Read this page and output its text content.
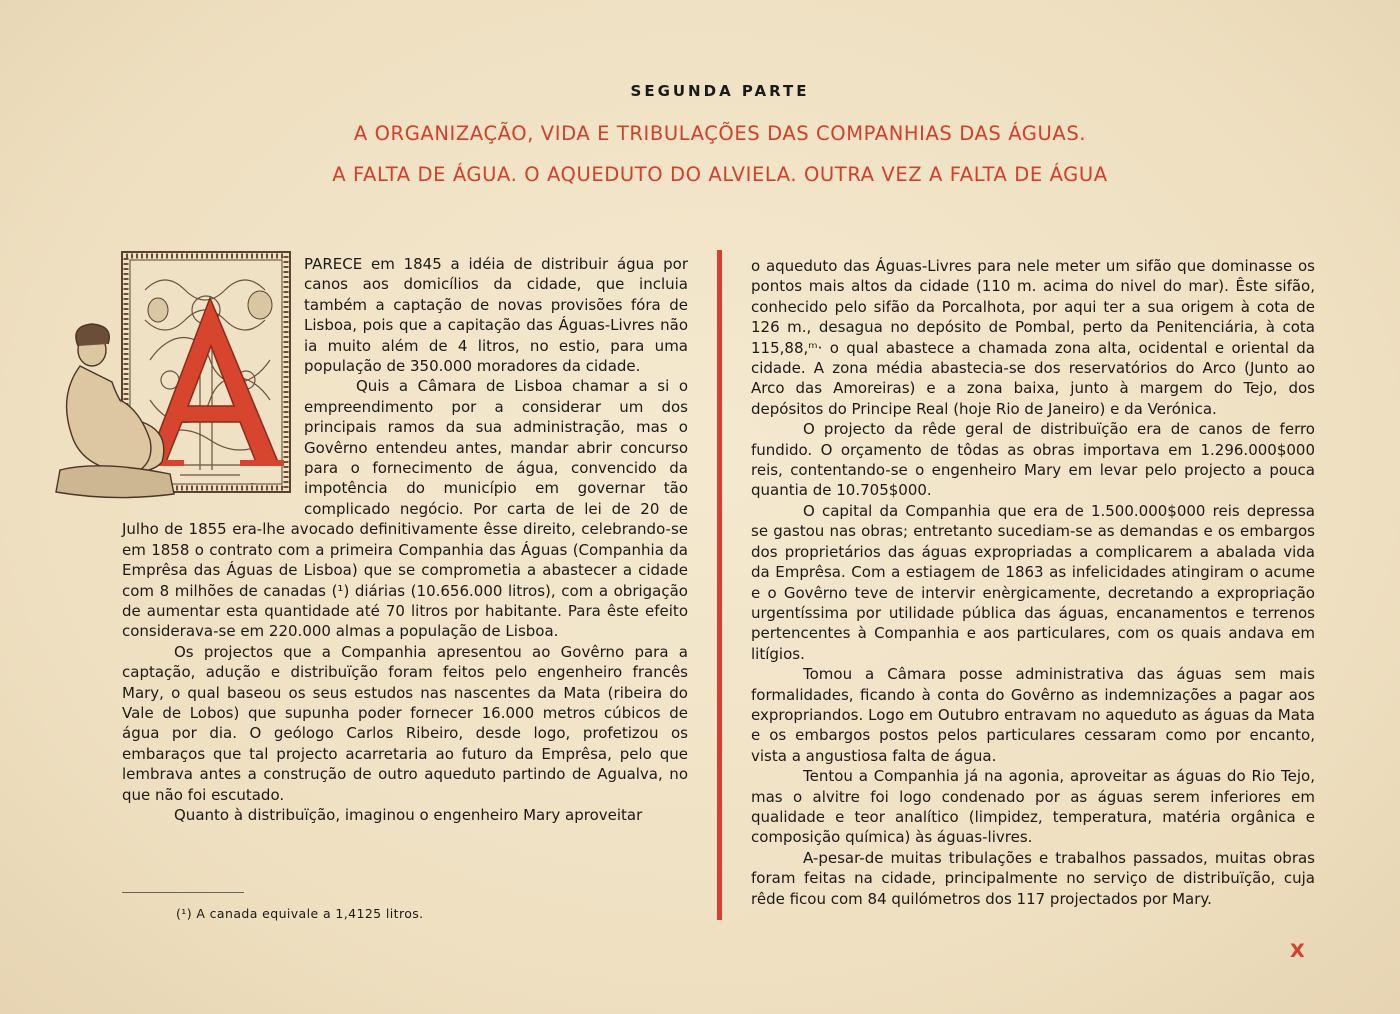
SEGUNDA PARTE
A ORGANIZAÇÃO, VIDA E TRIBULAÇÕES DAS COMPANHIAS DAS ÁGUAS.
A FALTA DE ÁGUA. O AQUEDUTO DO ALVIELA. OUTRA VEZ A FALTA DE ÁGUA
~

PARECE em 1845 a idéia de distribuir água por canos aos domicílios da cidade, que incluia também a captação de novas provisões fóra de Lisboa, pois que a capitação das Águas-Livres não ia muito além de 4 litros, no estio, para uma população de 350.000 moradores da cidade.

Quis a Câmara de Lisboa chamar a si o empreendimento por a considerar um dos principais ramos da sua administração, mas o Govêrno entendeu antes, mandar abrir concurso para o fornecimento de água, convencido da impotência do município em governar tão complicado negócio. Por carta de lei de 20 de Julho de 1855 era-lhe avocado definitivamente êsse direito, celebrando-se em 1858 o contrato com a primeira Companhia das Águas (Companhia da Emprêsa das Águas de Lisboa) que se comprometia a abastecer a cidade com 8 milhões de canadas (¹) diárias (10.656.000 litros), com a obrigação de aumentar esta quantidade até 70 litros por habitante. Para êste efeito considerava-se em 220.000 almas a população de Lisboa.

Os projectos que a Companhia apresentou ao Govêrno para a captação, adução e distribuïção foram feitos pelo engenheiro francês Mary, o qual baseou os seus estudos nas nascentes da Mata (ribeira do Vale de Lobos) que supunha poder fornecer 16.000 metros cúbicos de água por dia. O geólogo Carlos Ribeiro, desde logo, profetizou os embaraços que tal projecto acarretaria ao futuro da Emprêsa, pelo que lembrava antes a construção de outro aqueduto partindo de Agualva, no que não foi escutado.

Quanto à distribuïção, imaginou o engenheiro Mary aproveitar

o aqueduto das Águas-Livres para nele meter um sifão que dominasse os pontos mais altos da cidade (110 m. acima do nivel do mar). Êste sifão, conhecido pelo sifão da Porcalhota, por aqui ter a sua origem à cota de 126 m., desagua no depósito de Pombal, perto da Penitenciária, à cota 115,88,ᵐ· o qual abastece a chamada zona alta, ocidental e oriental da cidade. A zona média abastecia-se dos reservatórios do Arco (Junto ao Arco das Amoreiras) e a zona baixa, junto à margem do Tejo, dos depósitos do Principe Real (hoje Rio de Janeiro) e da Verónica.

O projecto da rêde geral de distribuïção era de canos de ferro fundido. O orçamento de tôdas as obras importava em 1.296.000$000 reis, contentando-se o engenheiro Mary em levar pelo projecto a pouca quantia de 10.705$000.

O capital da Companhia que era de 1.500.000$000 reis depressa se gastou nas obras; entretanto sucediam-se as demandas e os embargos dos proprietários das águas expropriadas a complicarem a abalada vida da Emprêsa. Com a estiagem de 1863 as infelicidades atingiram o acume e o Govêrno teve de intervir enèrgicamente, decretando a expropriação urgentíssima por utilidade pública das águas, encanamentos e terrenos pertencentes à Companhia e aos particulares, com os quais andava em litígios.

Tomou a Câmara posse administrativa das águas sem mais formalidades, ficando à conta do Govêrno as indemnizações a pagar aos expropriandos. Logo em Outubro entravam no aqueduto as águas da Mata e os embargos postos pelos particulares cessaram como por encanto, vista a angustiosa falta de água.

Tentou a Companhia já na agonia, aproveitar as águas do Rio Tejo, mas o alvitre foi logo condenado por as águas serem inferiores em qualidade e teor analítico (limpidez, temperatura, matéria orgânica e composição química) às águas-livres.

A-pesar-de muitas tribulações e trabalhos passados, muitas obras foram feitas na cidade, principalmente no serviço de distribuïção, cuja rêde ficou com 84 quilómetros dos 117 projectados por Mary.

(¹) A canada equivale a 1,4125 litros.
X
